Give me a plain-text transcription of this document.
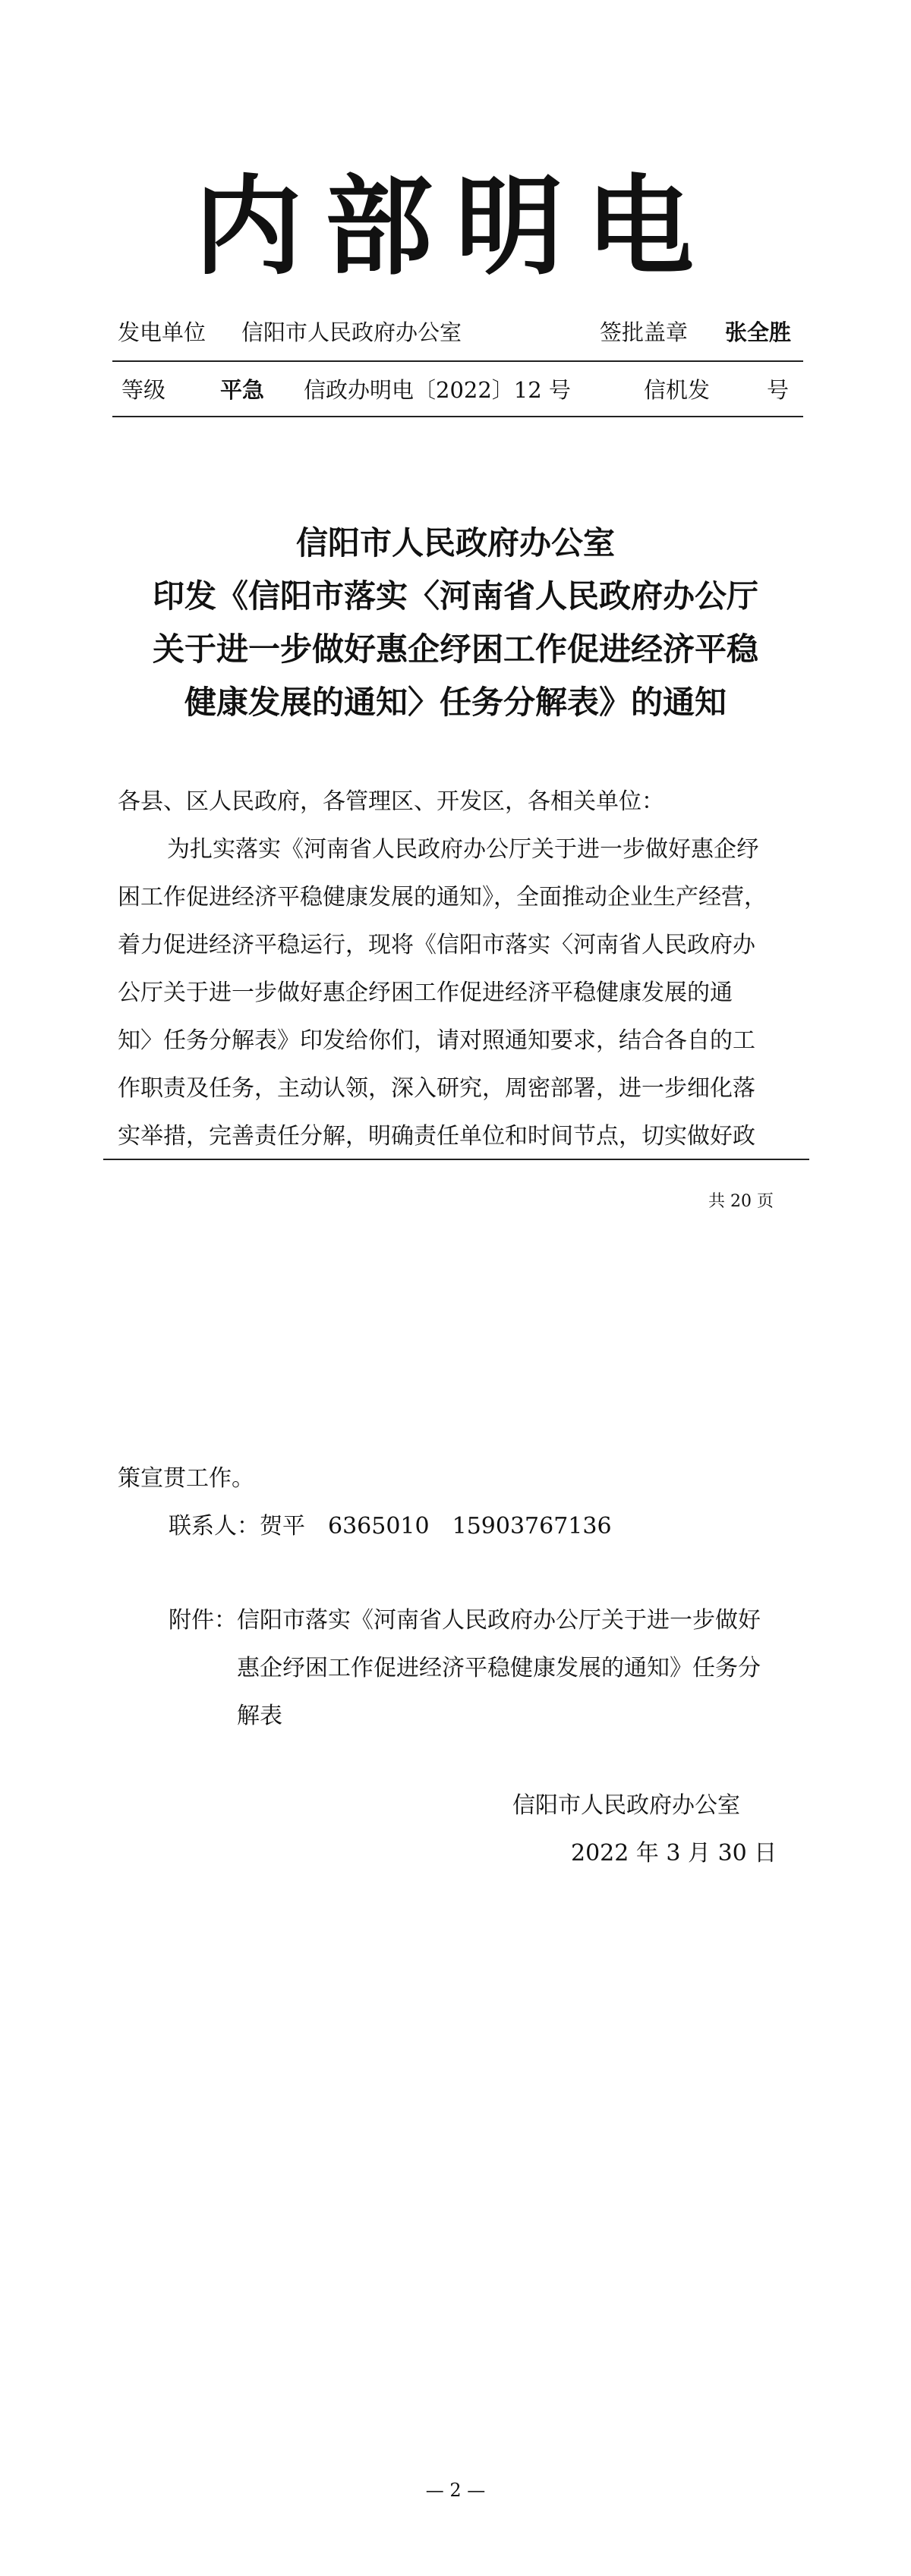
内部明电
发电单位 信阳市人民政府办公室	签批盖章 张全胜
等级 平急 信政办明电〔2022〕12 号	信机发	号
信阳市人民政府办公室
印发《信阳市落实〈河南省人民政府办公厅
关于进一步做好惠企纾困工作促进经济平稳
健康发展的通知〉任务分解表》的通知
各县、区人民政府，各管理区、开发区，各相关单位：
为扎实落实《河南省人民政府办公厅关于进一步做好惠企纾
困工作促进经济平稳健康发展的通知》，全面推动企业生产经营，
着力促进经济平稳运行，现将《信阳市落实〈河南省人民政府办
公厅关于进一步做好惠企纾困工作促进经济平稳健康发展的通
知〉任务分解表》印发给你们，请对照通知要求，结合各自的工
作职责及任务，主动认领，深入研究，周密部署，进一步细化落
实举措，完善责任分解，明确责任单位和时间节点，切实做好政
共 20 页
策宣贯工作。
联系人：贺平　6365010　15903767136
附件： 信阳市落实《河南省人民政府办公厅关于进一步做好
惠企纾困工作促进经济平稳健康发展的通知》任务分
解表
信阳市人民政府办公室
2022 年 3 月 30 日
— 2 —
